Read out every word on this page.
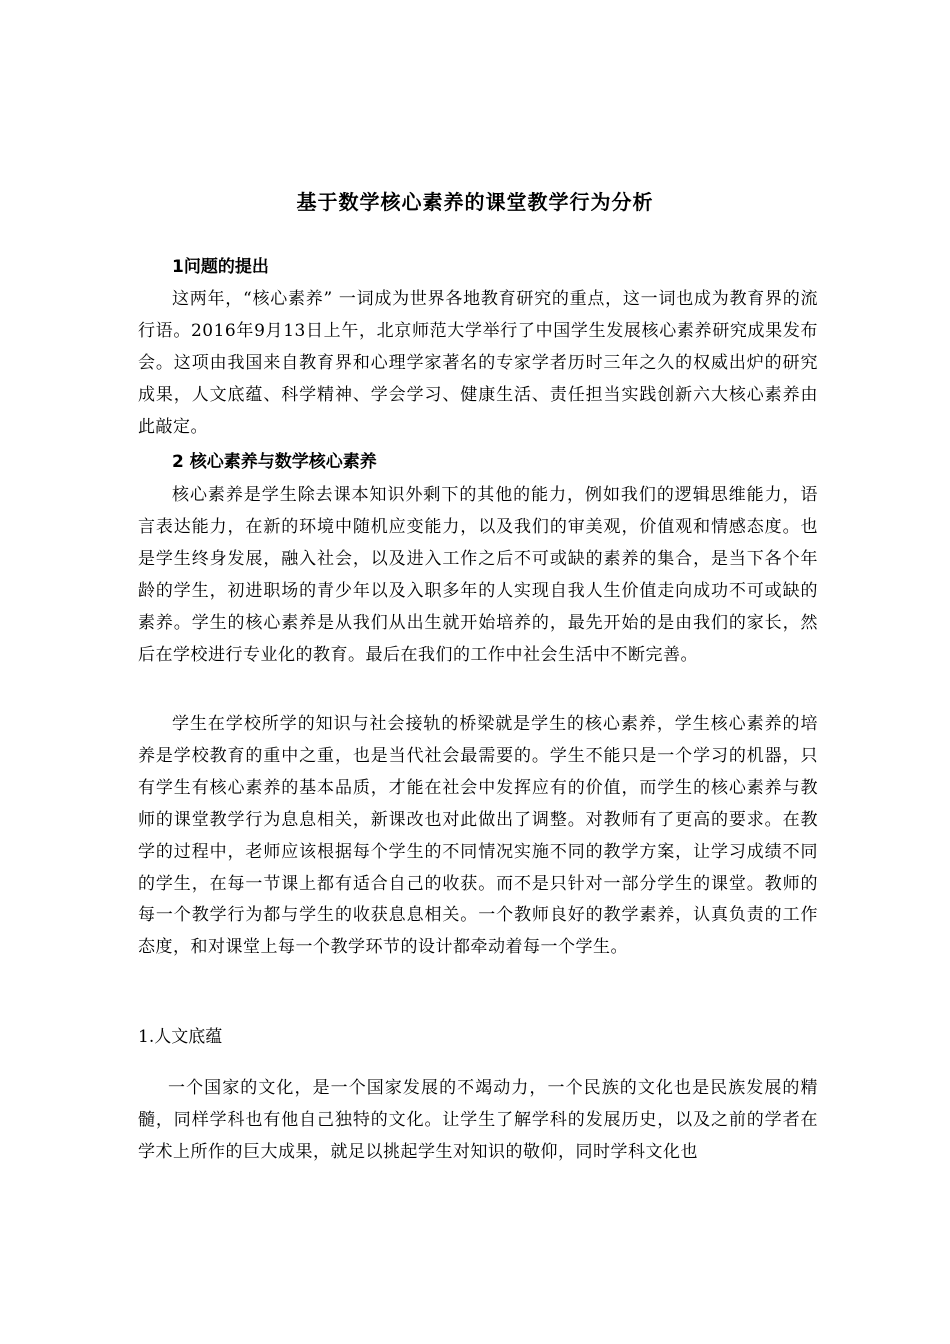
基于数学核心素养的课堂教学行为分析
1问题的提出

这两年，“核心素养” 一词成为世界各地教育研究的重点，这一词也成为教育界的流行语。2016年9月13日上午，北京师范大学举行了中国学生发展核心素养研究成果发布会。这项由我国来自教育界和心理学家著名的专家学者历时三年之久的权威出炉的研究成果，人文底蕴、科学精神、学会学习、健康生活、责任担当实践创新六大核心素养由此敲定。

2 核心素养与数学核心素养

核心素养是学生除去课本知识外剩下的其他的能力，例如我们的逻辑思维能力，语言表达能力，在新的环境中随机应变能力，以及我们的审美观，价值观和情感态度。也是学生终身发展，融入社会，以及进入工作之后不可或缺的素养的集合，是当下各个年龄的学生，初进职场的青少年以及入职多年的人实现自我人生价值走向成功不可或缺的素养。学生的核心素养是从我们从出生就开始培养的，最先开始的是由我们的家长，然后在学校进行专业化的教育。最后在我们的工作中社会生活中不断完善。

学生在学校所学的知识与社会接轨的桥梁就是学生的核心素养，学生核心素养的培养是学校教育的重中之重，也是当代社会最需要的。学生不能只是一个学习的机器，只有学生有核心素养的基本品质，才能在社会中发挥应有的价值，而学生的核心素养与教师的课堂教学行为息息相关，新课改也对此做出了调整。对教师有了更高的要求。在教学的过程中，老师应该根据每个学生的不同情况实施不同的教学方案，让学习成绩不同的学生，在每一节课上都有适合自己的收获。而不是只针对一部分学生的课堂。教师的每一个教学行为都与学生的收获息息相关。一个教师良好的教学素养，认真负责的工作态度，和对课堂上每一个教学环节的设计都牵动着每一个学生。

1.人文底蕴

一个国家的文化，是一个国家发展的不竭动力，一个民族的文化也是民族发展的精髓，同样学科也有他自己独特的文化。让学生了解学科的发展历史，以及之前的学者在学术上所作的巨大成果，就足以挑起学生对知识的敬仰，同时学科文化也
